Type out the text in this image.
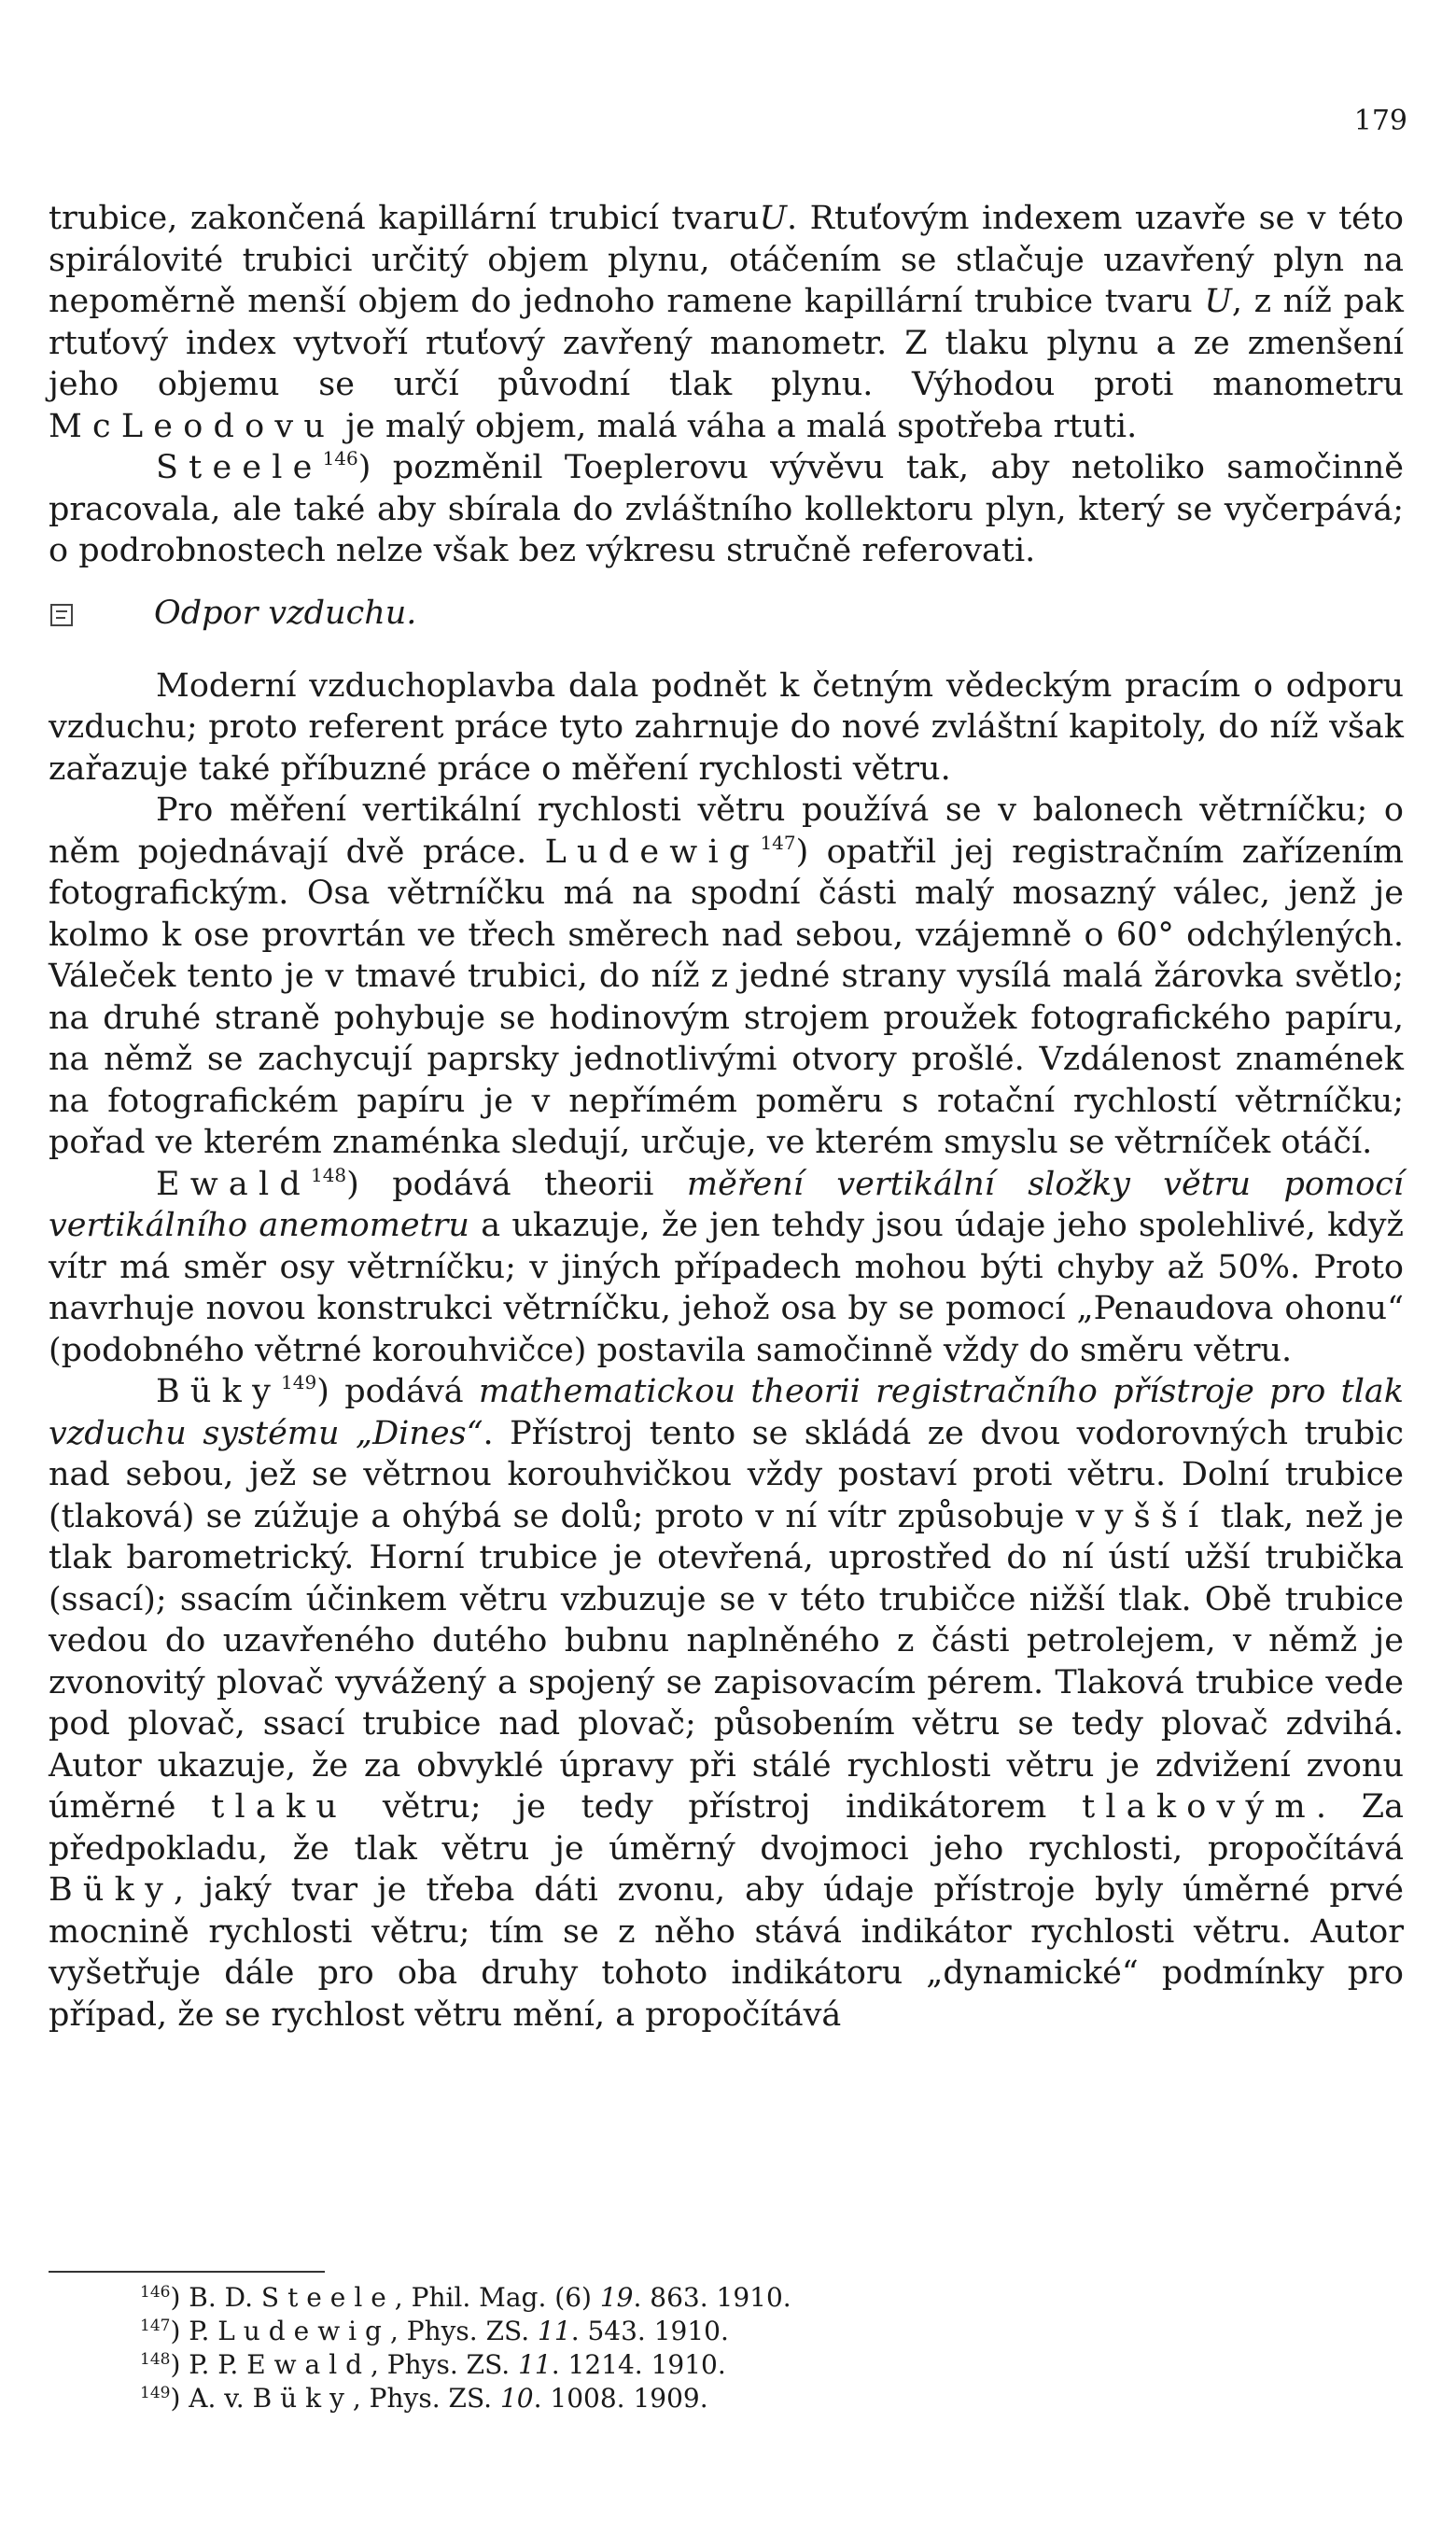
179

trubice, zakončená kapillární trubicí tvaruU. Rtuťovým indexem uzavře se v této spirálovité trubici určitý objem plynu, otáčením se stlačuje uzavřený plyn na nepoměrně menší objem do jednoho ramene kapillární trubice tvaru U, z níž pak rtuťový index vytvoří rtuťový zavřený manometr. Z tlaku plynu a ze zmenšení jeho objemu se určí původní tlak plynu. Výhodou proti manometru McLeodovu je malý objem, malá váha a malá spotřeba rtuti.

Steele$^{146}$) pozměnil Toeplerovu vývěvu tak, aby netoliko samočinně pracovala, ale také aby sbírala do zvláštního kollektoru plyn, který se vyčerpává; o podrobnostech nelze však bez výkresu stručně referovati.

Odpor vzduchu.

Moderní vzduchoplavba dala podnět k četným vědeckým pracím o odporu vzduchu; proto referent práce tyto zahrnuje do nové zvláštní kapitoly, do níž však zařazuje také příbuzné práce o měření rychlosti větru.

Pro měření vertikální rychlosti větru používá se v balonech větrníčku; o něm pojednávají dvě práce. Ludewig$^{147}$) opatřil jej registračním zařízením fotografickým. Osa větrníčku má na spodní části malý mosazný válec, jenž je kolmo k ose provrtán ve třech směrech nad sebou, vzájemně o 60° odchýlených. Váleček tento je v tmavé trubici, do níž z jedné strany vysílá malá žárovka světlo; na druhé straně pohybuje se hodinovým strojem proužek fotografického papíru, na němž se zachycují paprsky jednotlivými otvory prošlé. Vzdálenost znamének na fotografickém papíru je v nepřímém poměru s rotační rychlostí větrníčku; pořad ve kterém znaménka sledují, určuje, ve kterém smyslu se větrníček otáčí.

Ewald$^{148}$) podává theorii měření vertikální složky větru pomocí vertikálního anemometru a ukazuje, že jen tehdy jsou údaje jeho spolehlivé, když vítr má směr osy větrníčku; v jiných případech mohou býti chyby až 50%. Proto navrhuje novou konstrukci větrníčku, jehož osa by se pomocí „Penaudova ohonu“ (podobného větrné korouhvičce) postavila samočinně vždy do směru větru.

Büky$^{149}$) podává mathematickou theorii registračního přístroje pro tlak vzduchu systému „Dines“. Přístroj tento se skládá ze dvou vodorovných trubic nad sebou, jež se větrnou korouhvičkou vždy postaví proti větru. Dolní trubice (tlaková) se zúžuje a ohýbá se dolů; proto v ní vítr způsobuje vyšší tlak, než je tlak barometrický. Horní trubice je otevřená, uprostřed do ní ústí užší trubička (ssací); ssacím účinkem větru vzbuzuje se v této trubičce nižší tlak. Obě trubice vedou do uzavřeného dutého bubnu naplněného z části petrolejem, v němž je zvonovitý plovač vyvážený a spojený se zapisovacím pérem. Tlaková trubice vede pod plovač, ssací trubice nad plovač; působením větru se tedy plovač zdvihá. Autor ukazuje, že za obvyklé úpravy při stálé rychlosti větru je zdvižení zvonu úměrné tlaku větru; je tedy přístroj indikátorem tlakovým. Za předpokladu, že tlak větru je úměrný dvojmoci jeho rychlosti, propočítává Büky, jaký tvar je třeba dáti zvonu, aby údaje přístroje byly úměrné prvé mocnině rychlosti větru; tím se z něho stává indikátor rychlosti větru. Autor vyšetřuje dále pro oba druhy tohoto indikátoru „dynamické“ podmínky pro případ, že se rychlost větru mění, a propočítává

$^{146}$) B. D. Steele, Phil. Mag. (6) 19. 863. 1910.
$^{147}$) P. Ludewig, Phys. ZS. 11. 543. 1910.
$^{148}$) P. P. Ewald, Phys. ZS. 11. 1214. 1910.
$^{149}$) A. v. Büky, Phys. ZS. 10. 1008. 1909.
